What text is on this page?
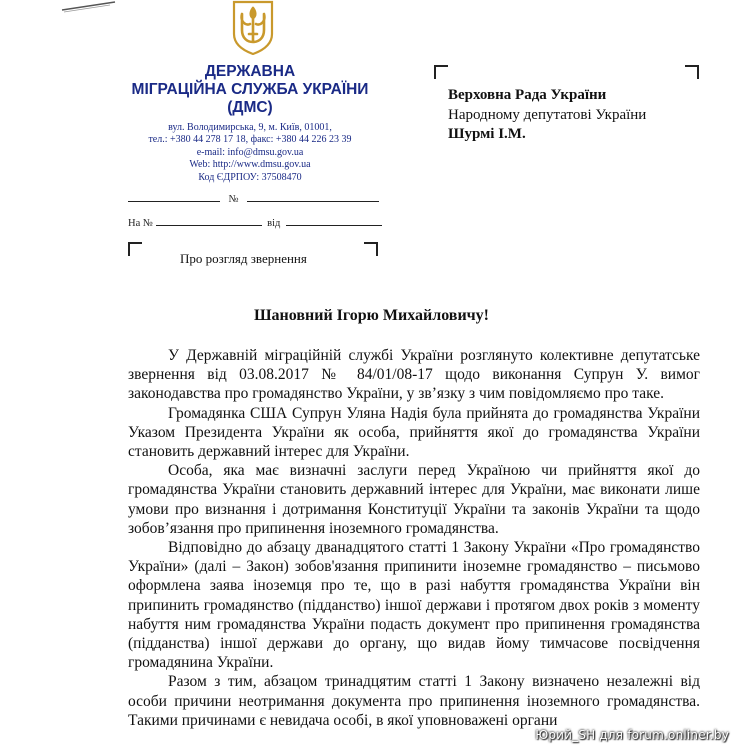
ДЕРЖАВНА
МІГРАЦІЙНА СЛУЖБА УКРАЇНИ
(ДМС)
вул. Володимирська, 9, м. Київ, 01001,
тел.: +380 44 278 17 18, факс: +380 44 226 23 39
e-mail: info@dmsu.gov.ua
Web: http://www.dmsu.gov.ua
Код ЄДРПОУ: 37508470
№
На №	від
Про розгляд звернення
Верховна Рада України
Народному депутатові України
Шурмі І.М.
Шановний Ігорю Михайловичу!

У Державній міграційній службі України розглянуто колективне депутатське звернення від 03.08.2017 № 84/01/08-17 щодо виконання Супрун У. вимог законодавства про громадянство України, у зв’язку з чим повідомляємо про таке.

Громадянка США Супрун Уляна Надія була прийнята до громадянства України Указом Президента України як особа, прийняття якої до громадянства України становить державний інтерес для України.

Особа, яка має визначні заслуги перед Україною чи прийняття якої до громадянства України становить державний інтерес для України, має виконати лише умови про визнання і дотримання Конституції України та законів України та щодо зобов’язання про припинення іноземного громадянства.

Відповідно до абзацу дванадцятого статті 1 Закону України «Про громадянство України» (далі – Закон) зобов'язання припинити іноземне громадянство – письмово оформлена заява іноземця про те, що в разі набуття громадянства України він припинить громадянство (підданство) іншої держави і протягом двох років з моменту набуття ним громадянства України подасть документ про припинення громадянства (підданства) іншої держави до органу, що видав йому тимчасове посвідчення громадянина України.

Разом з тим, абзацом тринадцятим статті 1 Закону визначено незалежні від особи причини неотримання документа про припинення іноземного громадянства. Такими причинами є невидача особі, в якої уповноважені органи

Юрий_SH для forum.onliner.by
